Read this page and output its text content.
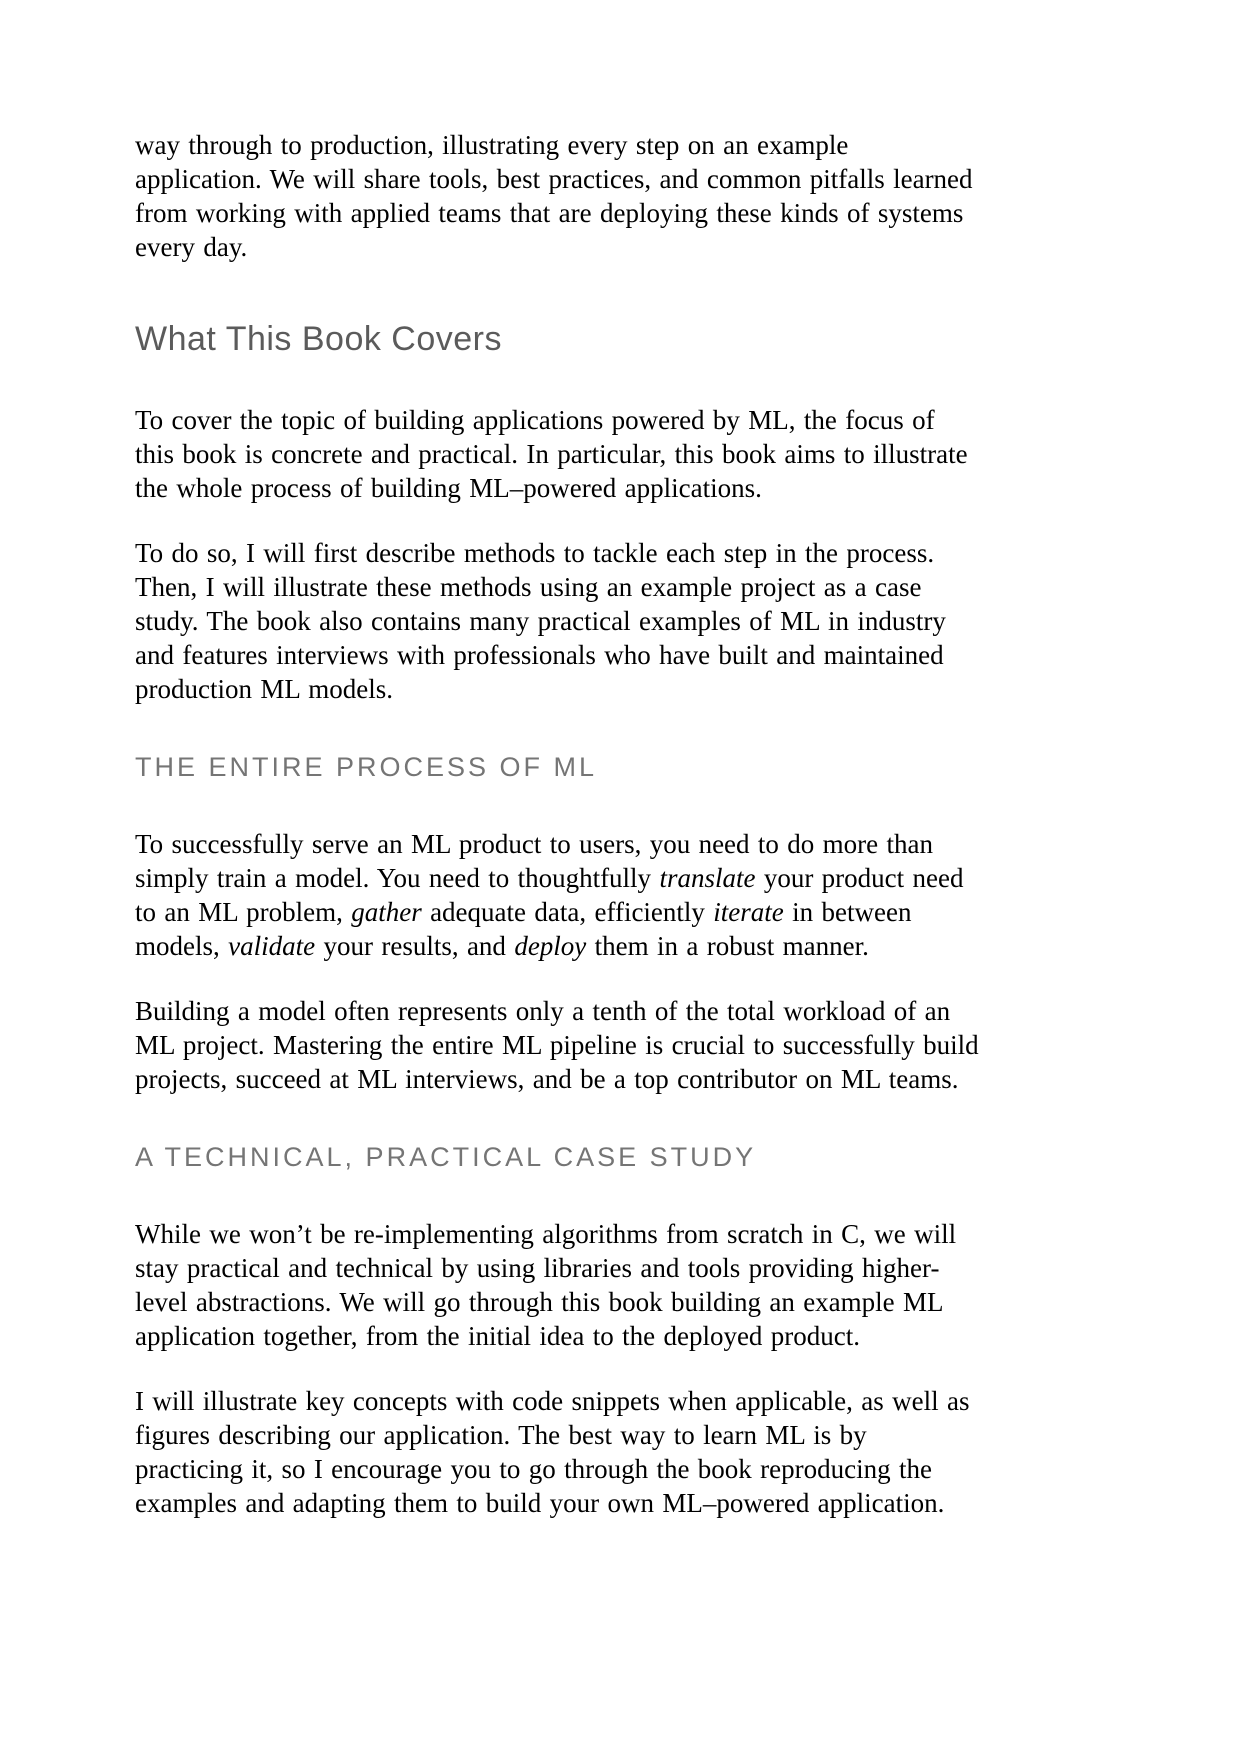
way through to production, illustrating every step on an example application. We will share tools, best practices, and common pitfalls learned from working with applied teams that are deploying these kinds of systems every day.

What This Book Covers

To cover the topic of building applications powered by ML, the focus of this book is concrete and practical. In particular, this book aims to illustrate the whole process of building ML–powered applications.

To do so, I will first describe methods to tackle each step in the process. Then, I will illustrate these methods using an example project as a case study. The book also contains many practical examples of ML in industry and features interviews with professionals who have built and maintained production ML models.

THE ENTIRE PROCESS OF ML

To successfully serve an ML product to users, you need to do more than simply train a model. You need to thoughtfully translate your product need to an ML problem, gather adequate data, efficiently iterate in between models, validate your results, and deploy them in a robust manner.

Building a model often represents only a tenth of the total workload of an ML project. Mastering the entire ML pipeline is crucial to successfully build projects, succeed at ML interviews, and be a top contributor on ML teams.

A TECHNICAL, PRACTICAL CASE STUDY

While we won’t be re-implementing algorithms from scratch in C, we will stay practical and technical by using libraries and tools providing higher-level abstractions. We will go through this book building an example ML application together, from the initial idea to the deployed product.

I will illustrate key concepts with code snippets when applicable, as well as figures describing our application. The best way to learn ML is by practicing it, so I encourage you to go through the book reproducing the examples and adapting them to build your own ML–powered application.
